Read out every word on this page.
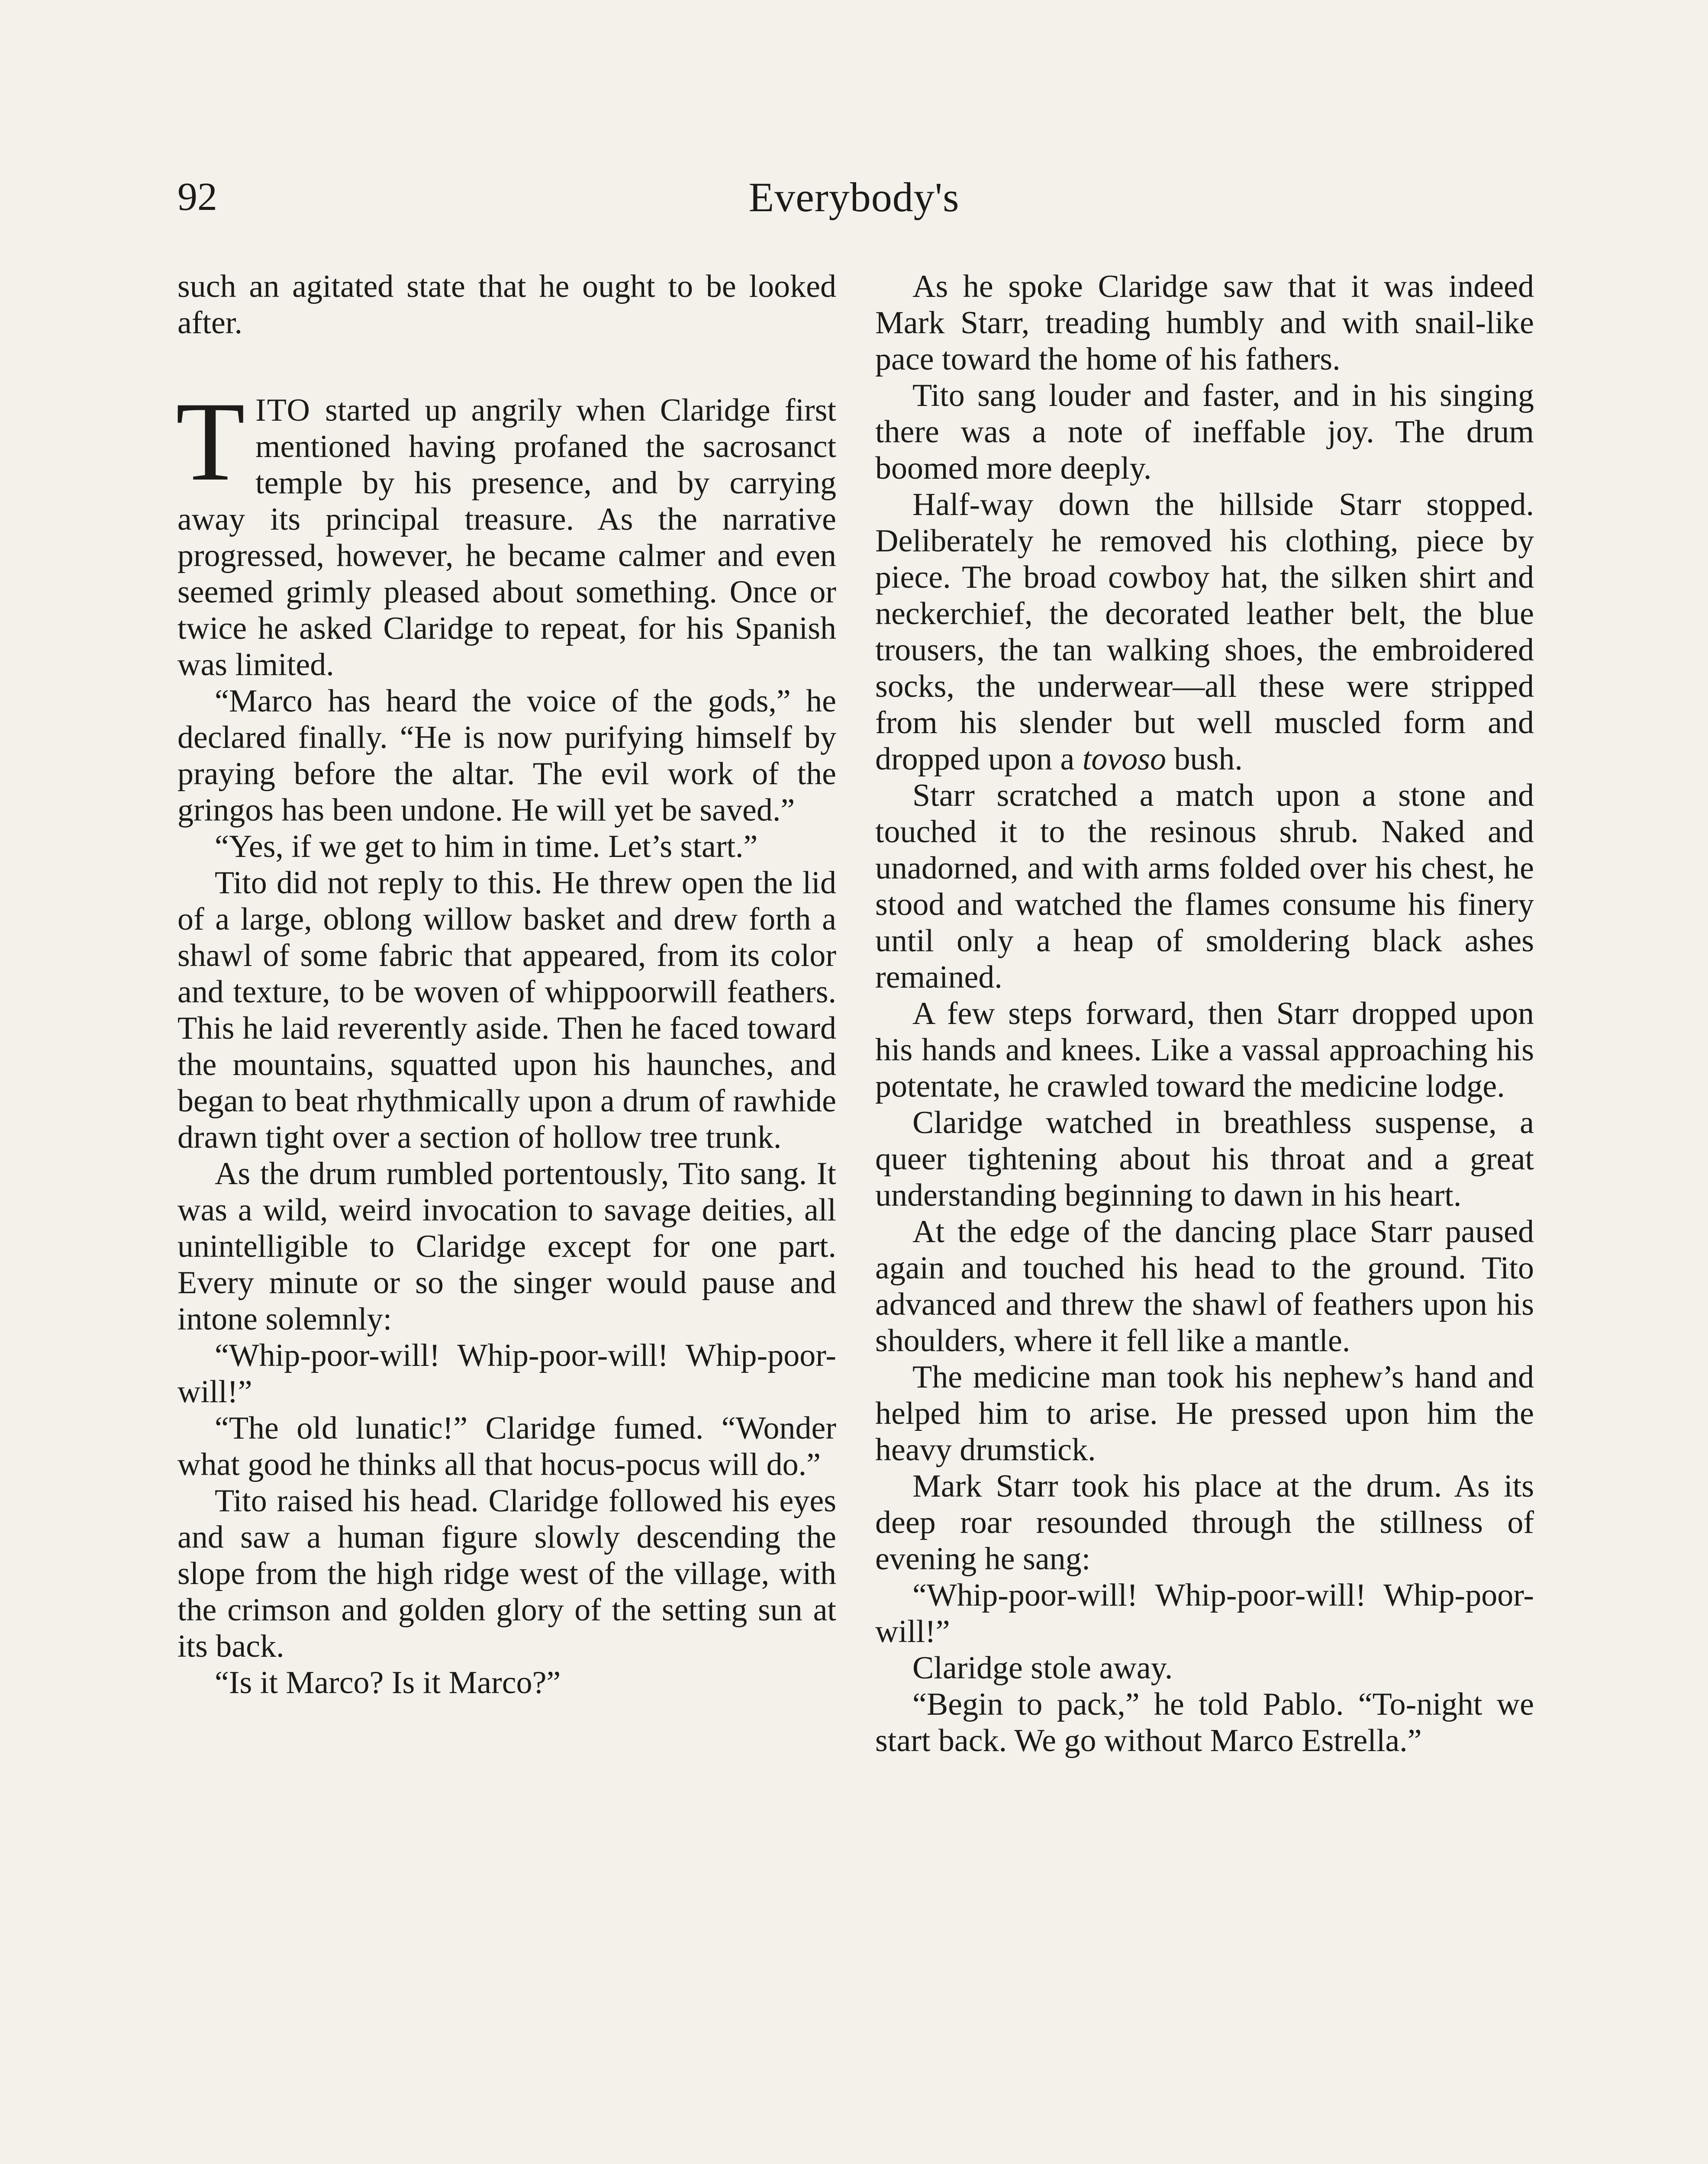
92	Everybody's

such an agitated state that he ought to be looked after.

TITO started up angrily when Claridge first mentioned having profaned the sacrosanct temple by his presence, and by carrying away its principal treasure. As the narrative progressed, however, he became calmer and even seemed grimly pleased about something. Once or twice he asked Claridge to repeat, for his Spanish was limited.

“Marco has heard the voice of the gods,” he declared finally. “He is now purifying himself by praying before the altar. The evil work of the gringos has been undone. He will yet be saved.”

“Yes, if we get to him in time. Let’s start.”

Tito did not reply to this. He threw open the lid of a large, oblong willow basket and drew forth a shawl of some fabric that appeared, from its color and texture, to be woven of whippoorwill feathers. This he laid reverently aside. Then he faced toward the mountains, squatted upon his haunches, and began to beat rhythmically upon a drum of rawhide drawn tight over a section of hollow tree trunk.

As the drum rumbled portentously, Tito sang. It was a wild, weird invocation to savage deities, all unintelligible to Claridge except for one part. Every minute or so the singer would pause and intone solemnly:

“Whip-poor-will! Whip-poor-will! Whip-poor-will!”

“The old lunatic!” Claridge fumed. “Wonder what good he thinks all that hocus-pocus will do.”

Tito raised his head. Claridge followed his eyes and saw a human figure slowly descending the slope from the high ridge west of the village, with the crimson and golden glory of the setting sun at its back.

“Is it Marco? Is it Marco?”

As he spoke Claridge saw that it was indeed Mark Starr, treading humbly and with snail-like pace toward the home of his fathers.

Tito sang louder and faster, and in his singing there was a note of ineffable joy. The drum boomed more deeply.

Half-way down the hillside Starr stopped. Deliberately he removed his clothing, piece by piece. The broad cowboy hat, the silken shirt and neckerchief, the decorated leather belt, the blue trousers, the tan walking shoes, the embroidered socks, the underwear—all these were stripped from his slender but well muscled form and dropped upon a tovoso bush.

Starr scratched a match upon a stone and touched it to the resinous shrub. Naked and unadorned, and with arms folded over his chest, he stood and watched the flames consume his finery until only a heap of smoldering black ashes remained.

A few steps forward, then Starr dropped upon his hands and knees. Like a vassal approaching his potentate, he crawled toward the medicine lodge.

Claridge watched in breathless suspense, a queer tightening about his throat and a great understanding beginning to dawn in his heart.

At the edge of the dancing place Starr paused again and touched his head to the ground. Tito advanced and threw the shawl of feathers upon his shoulders, where it fell like a mantle.

The medicine man took his nephew’s hand and helped him to arise. He pressed upon him the heavy drumstick.

Mark Starr took his place at the drum. As its deep roar resounded through the stillness of evening he sang:

“Whip-poor-will! Whip-poor-will! Whip-poor-will!”

Claridge stole away.

“Begin to pack,” he told Pablo. “To-night we start back. We go without Marco Estrella.”
